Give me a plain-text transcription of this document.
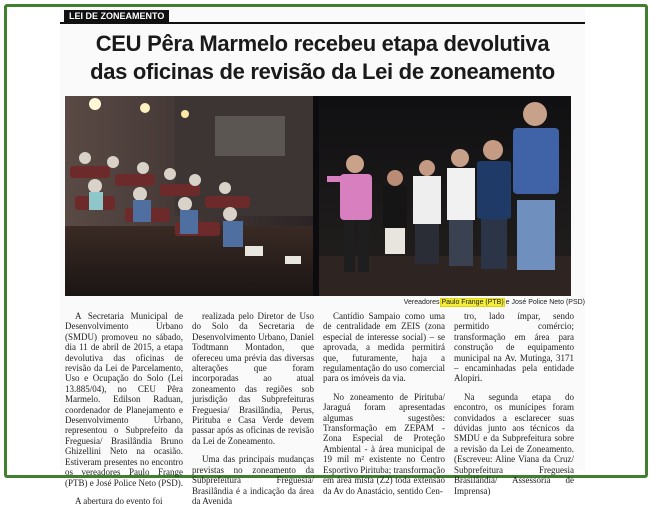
LEI DE ZONEAMENTO
CEU Pêra Marmelo recebeu etapa devolutiva
das oficinas de revisão da Lei de zoneamento
Vereadores Paulo Frange (PTB) e José Police Neto (PSD)

A Secretaria Municipal de Desenvolvimento Urbano (SMDU) promoveu no sábado, dia 11 de abril de 2015, a etapa devolutiva das oficinas de revisão da Lei de Parcelamento, Uso e Ocupação do Solo (Lei 13.885/04), no CEU Pêra Marmelo. Edilson Raduan, coordenador de Planejamento e Desenvolvimento Urbano, representou o Subprefeito da Freguesia/ Brasilândia Bruno Ghizellini Neto na ocasião. Estiveram presentes no encontro os vereadores Paulo Frange (PTB) e José Police Neto (PSD).

A abertura do evento foi

realizada pelo Diretor de Uso do Solo da Secretaria de Desenvolvimento Urbano, Daniel Todtmann Montadon, que ofereceu uma prévia das diversas alterações que foram incorporadas ao atual zoneamento das regiões sob jurisdição das Subprefeituras Freguesia/ Brasilândia, Perus, Pirituba e Casa Verde devem passar após as oficinas de revisão da Lei de Zoneamento.

Uma das principais mudanças previstas no zoneamento da Subprefeitura Freguesia/ Brasilândia é a indicação da área da Avenida

Cantídio Sampaio como uma de centralidade em ZEIS (zona especial de interesse social) – se aprovada, a medida permitirá que, futuramente, haja a regulamentação do uso comercial para os imóveis da via.

No zoneamento de Pirituba/ Jaraguá foram apresentadas algumas sugestões: Transformação em ZEPAM - Zona Especial de Proteção Ambiental - à área municipal de 19 mil m² existente no Centro Esportivo Pirituba; transformação em área mista (Z2) toda extensão da Av do Anastácio, sentido Cen-

tro, lado ímpar, sendo permitido comércio; transformação em área para construção de equipamento municipal na Av. Mutinga, 3171 – encaminhadas pela entidade Alopiri.

Na segunda etapa do encontro, os munícipes foram convidados a esclarecer suas dúvidas junto aos técnicos da SMDU e da Subprefeitura sobre a revisão da Lei de Zoneamento. (Escreveu: Aline Viana da Cruz/ Subprefeitura Freguesia Brasilândia/ Assessoria de Imprensa)
